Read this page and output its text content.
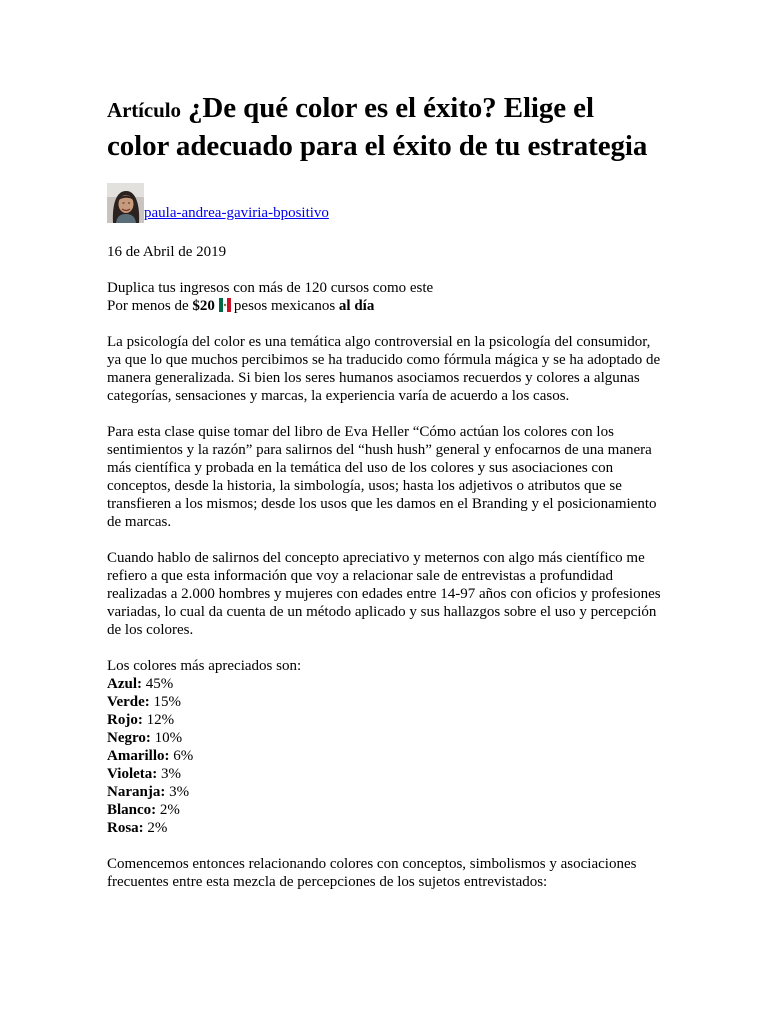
Artículo ¿De qué color es el éxito? Elige el color adecuado para el éxito de tu estrategia
paula-andrea-gaviria-bpositivo

16 de Abril de 2019

Duplica tus ingresos con más de 120 cursos como este

Por menos de $20 pesos mexicanos al día

La psicología del color es una temática algo controversial en la psicología del consumidor, ya que lo que muchos percibimos se ha traducido como fórmula mágica y se ha adoptado de manera generalizada. Si bien los seres humanos asociamos recuerdos y colores a algunas categorías, sensaciones y marcas, la experiencia varía de acuerdo a los casos.

Para esta clase quise tomar del libro de Eva Heller “Cómo actúan los colores con los sentimientos y la razón” para salirnos del “hush hush” general y enfocarnos de una manera más científica y probada en la temática del uso de los colores y sus asociaciones con conceptos, desde la historia, la simbología, usos; hasta los adjetivos o atributos que se transfieren a los mismos; desde los usos que les damos en el Branding y el posicionamiento de marcas.

Cuando hablo de salirnos del concepto apreciativo y meternos con algo más científico me refiero a que esta información que voy a relacionar sale de entrevistas a profundidad realizadas a 2.000 hombres y mujeres con edades entre 14-97 años con oficios y profesiones variadas, lo cual da cuenta de un método aplicado y sus hallazgos sobre el uso y percepción de los colores.

Los colores más apreciados son:

Azul: 45%

Verde: 15%

Rojo: 12%

Negro: 10%

Amarillo: 6%

Violeta: 3%

Naranja: 3%

Blanco: 2%

Rosa: 2%

Comencemos entonces relacionando colores con conceptos, simbolismos y asociaciones frecuentes entre esta mezcla de percepciones de los sujetos entrevistados:
